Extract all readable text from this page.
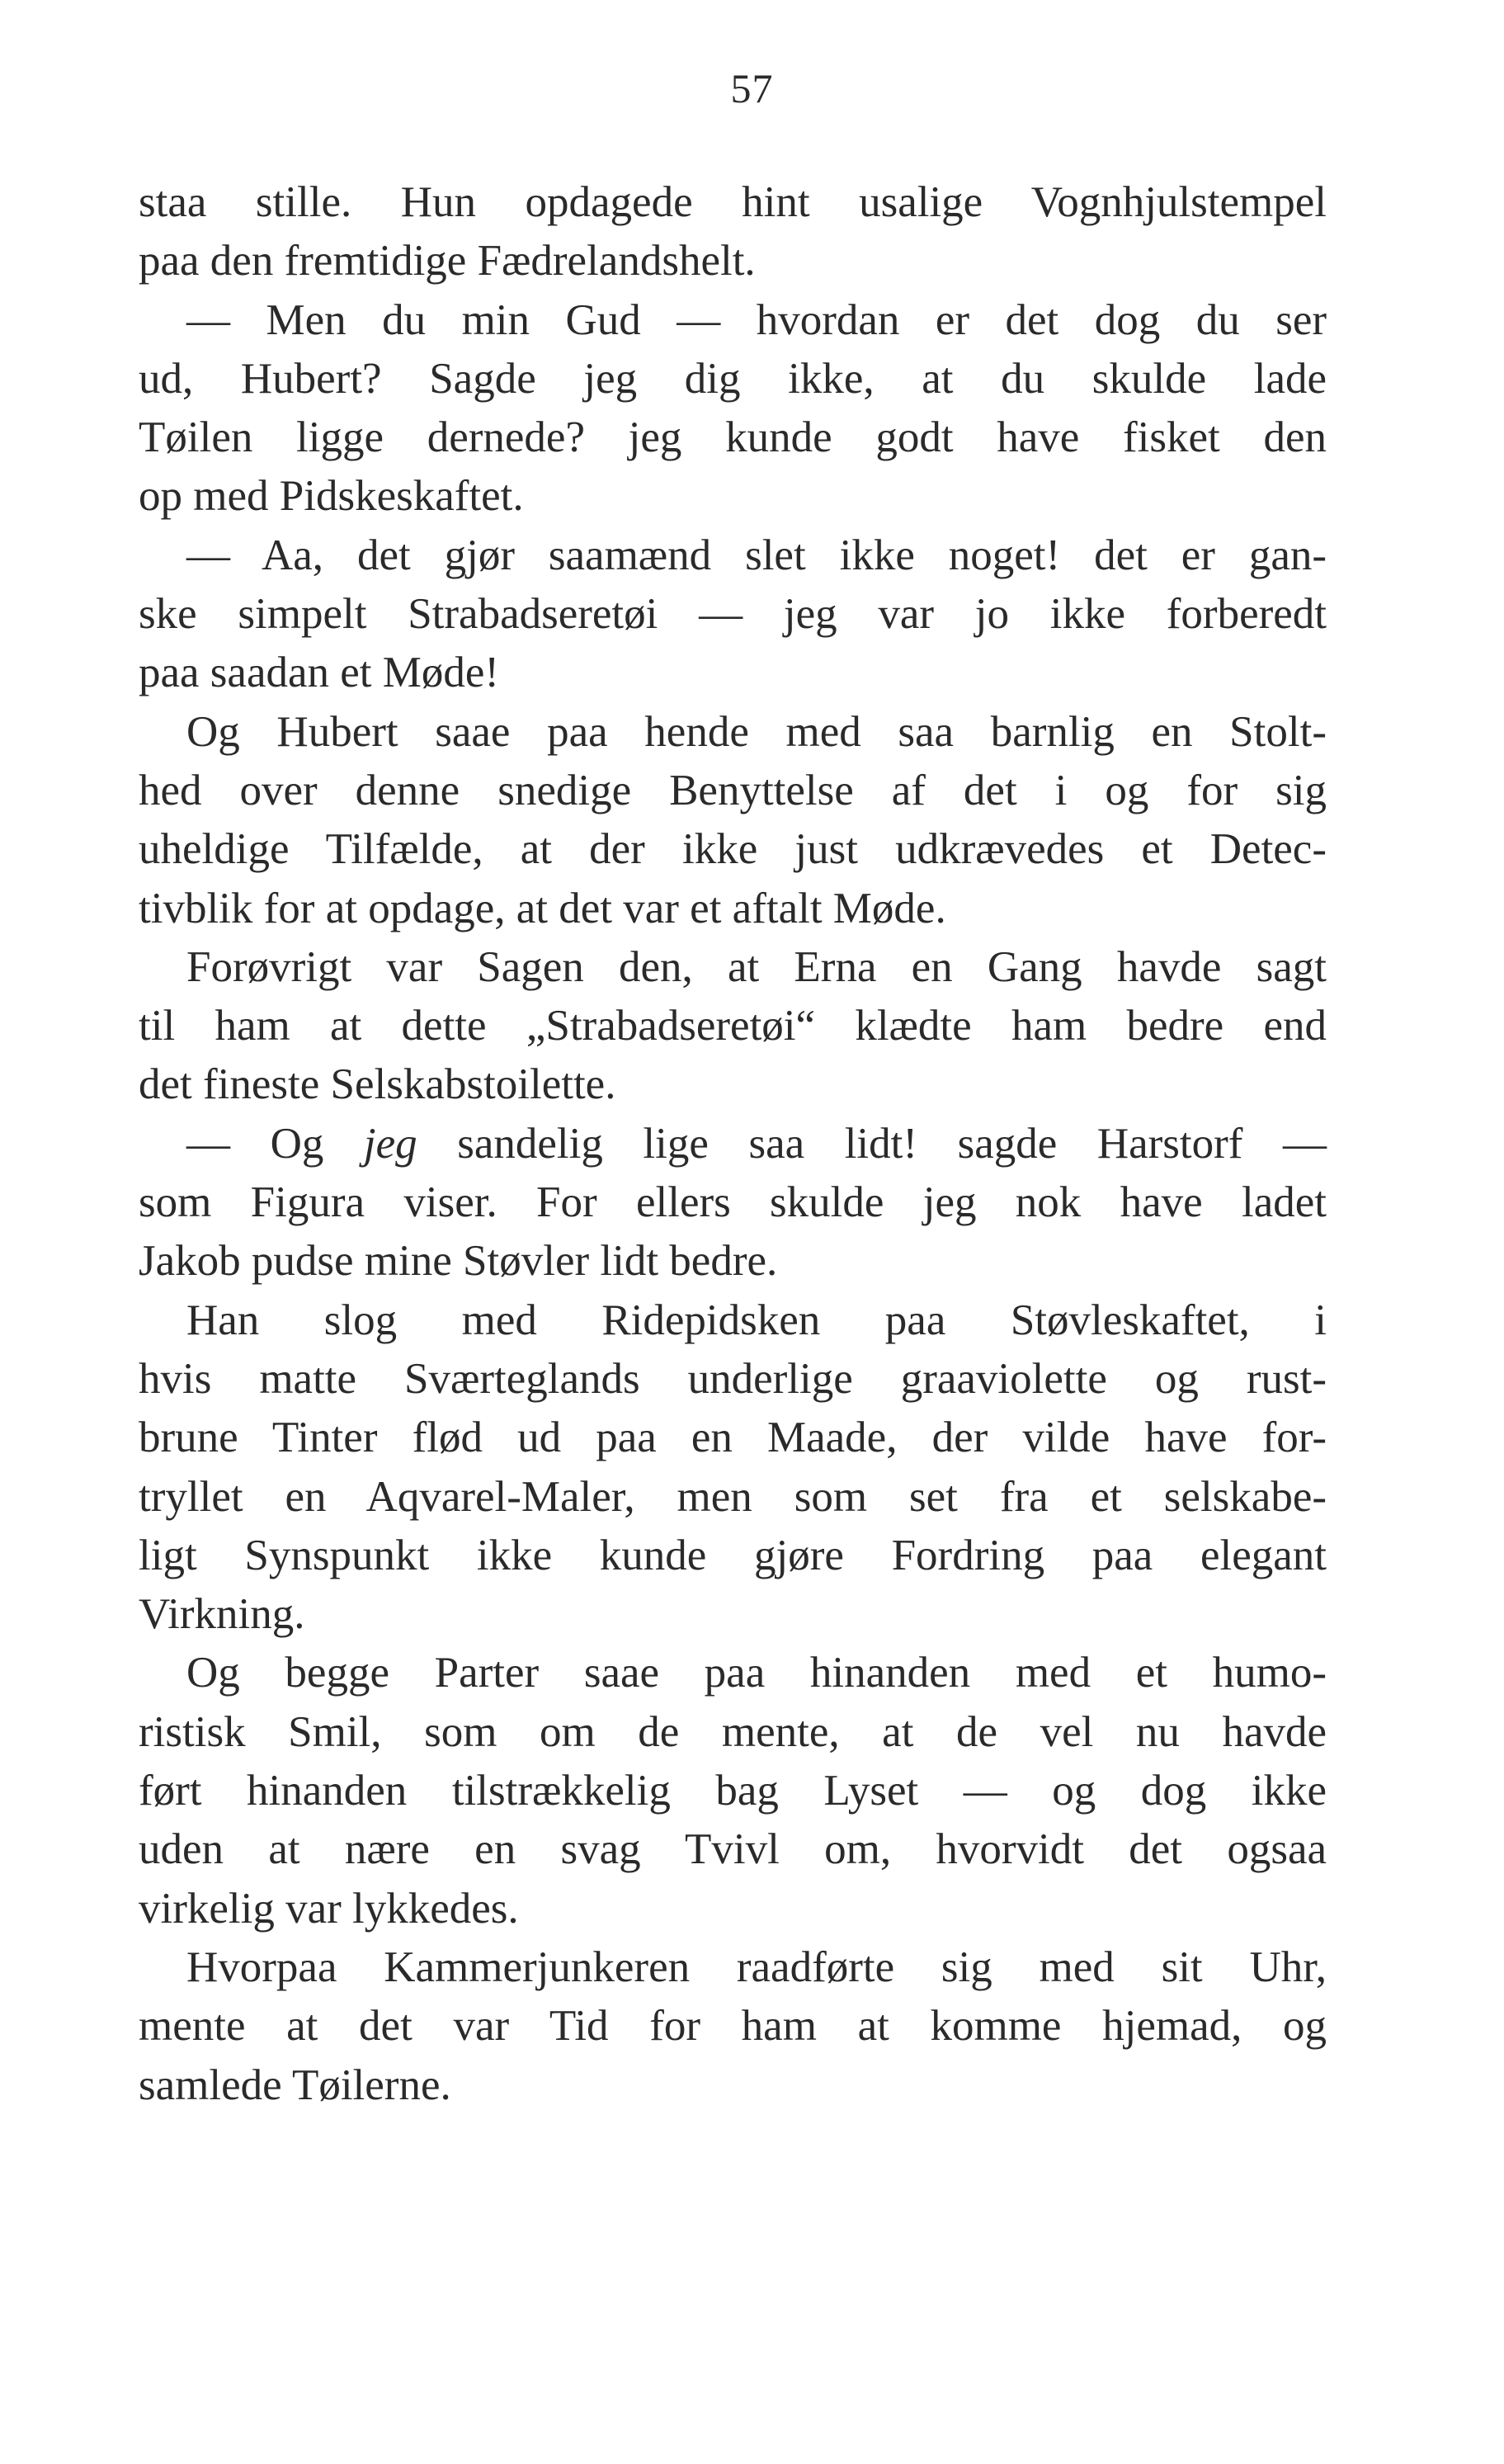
57
staa stille. Hun opdagede hint usalige Vognhjulstempel
paa den fremtidige Fædrelandshelt.
— Men du min Gud — hvordan er det dog du ser
ud, Hubert? Sagde jeg dig ikke, at du skulde lade
Tøilen ligge dernede? jeg kunde godt have fisket den
op med Pidskeskaftet.
— Aa, det gjør saamænd slet ikke noget! det er gan-
ske simpelt Strabadseretøi — jeg var jo ikke forberedt
paa saadan et Møde!
Og Hubert saae paa hende med saa barnlig en Stolt-
hed over denne snedige Benyttelse af det i og for sig
uheldige Tilfælde, at der ikke just udkrævedes et Detec-
tivblik for at opdage, at det var et aftalt Møde.
Forøvrigt var Sagen den, at Erna en Gang havde sagt
til ham at dette „Strabadseretøi“ klædte ham bedre end
det fineste Selskabstoilette.
— Og jeg sandelig lige saa lidt! sagde Harstorf —
som Figura viser. For ellers skulde jeg nok have ladet
Jakob pudse mine Støvler lidt bedre.
Han slog med Ridepidsken paa Støvleskaftet, i
hvis matte Sværteglands underlige graaviolette og rust-
brune Tinter flød ud paa en Maade, der vilde have for-
tryllet en Aqvarel-Maler, men som set fra et selskabe-
ligt Synspunkt ikke kunde gjøre Fordring paa elegant
Virkning.
Og begge Parter saae paa hinanden med et humo-
ristisk Smil, som om de mente, at de vel nu havde
ført hinanden tilstrækkelig bag Lyset — og dog ikke
uden at nære en svag Tvivl om, hvorvidt det ogsaa
virkelig var lykkedes.
Hvorpaa Kammerjunkeren raadførte sig med sit Uhr,
mente at det var Tid for ham at komme hjemad, og
samlede Tøilerne.
